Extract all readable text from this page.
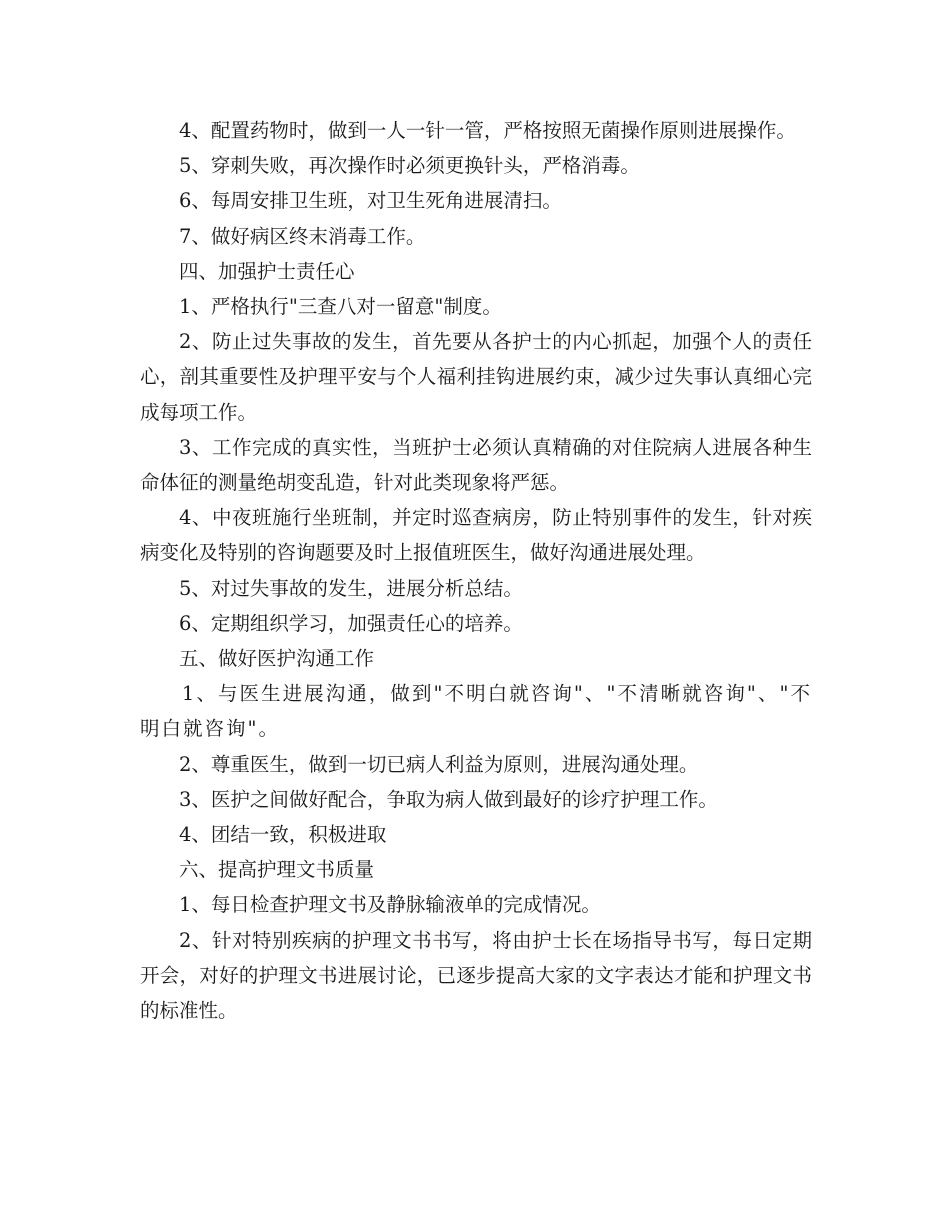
4、配置药物时，做到一人一针一管，严格按照无菌操作原则进展操作。

5、穿刺失败，再次操作时必须更换针头，严格消毒。

6、每周安排卫生班，对卫生死角进展清扫。

7、做好病区终末消毒工作。

四、加强护士责任心

1、严格执行"三查八对一留意"制度。

2、防止过失事故的发生，首先要从各护士的内心抓起，加强个人的责任心，剖其重要性及护理平安与个人福利挂钩进展约束，减少过失事认真细心完成每项工作。

3、工作完成的真实性，当班护士必须认真精确的对住院病人进展各种生命体征的测量绝胡变乱造，针对此类现象将严惩。

4、中夜班施行坐班制，并定时巡查病房，防止特别事件的发生，针对疾病变化及特别的咨询题要及时上报值班医生，做好沟通进展处理。

5、对过失事故的发生，进展分析总结。

6、定期组织学习，加强责任心的培养。

五、做好医护沟通工作

1、与医生进展沟通，做到"不明白就咨询"、"不清晰就咨询"、"不明白就咨询"。

2、尊重医生，做到一切已病人利益为原则，进展沟通处理。

3、医护之间做好配合，争取为病人做到最好的诊疗护理工作。

4、团结一致，积极进取

六、提高护理文书质量

1、每日检查护理文书及静脉输液单的完成情况。

2、针对特别疾病的护理文书书写，将由护士长在场指导书写，每日定期开会，对好的护理文书进展讨论，已逐步提高大家的文字表达才能和护理文书的标准性。
